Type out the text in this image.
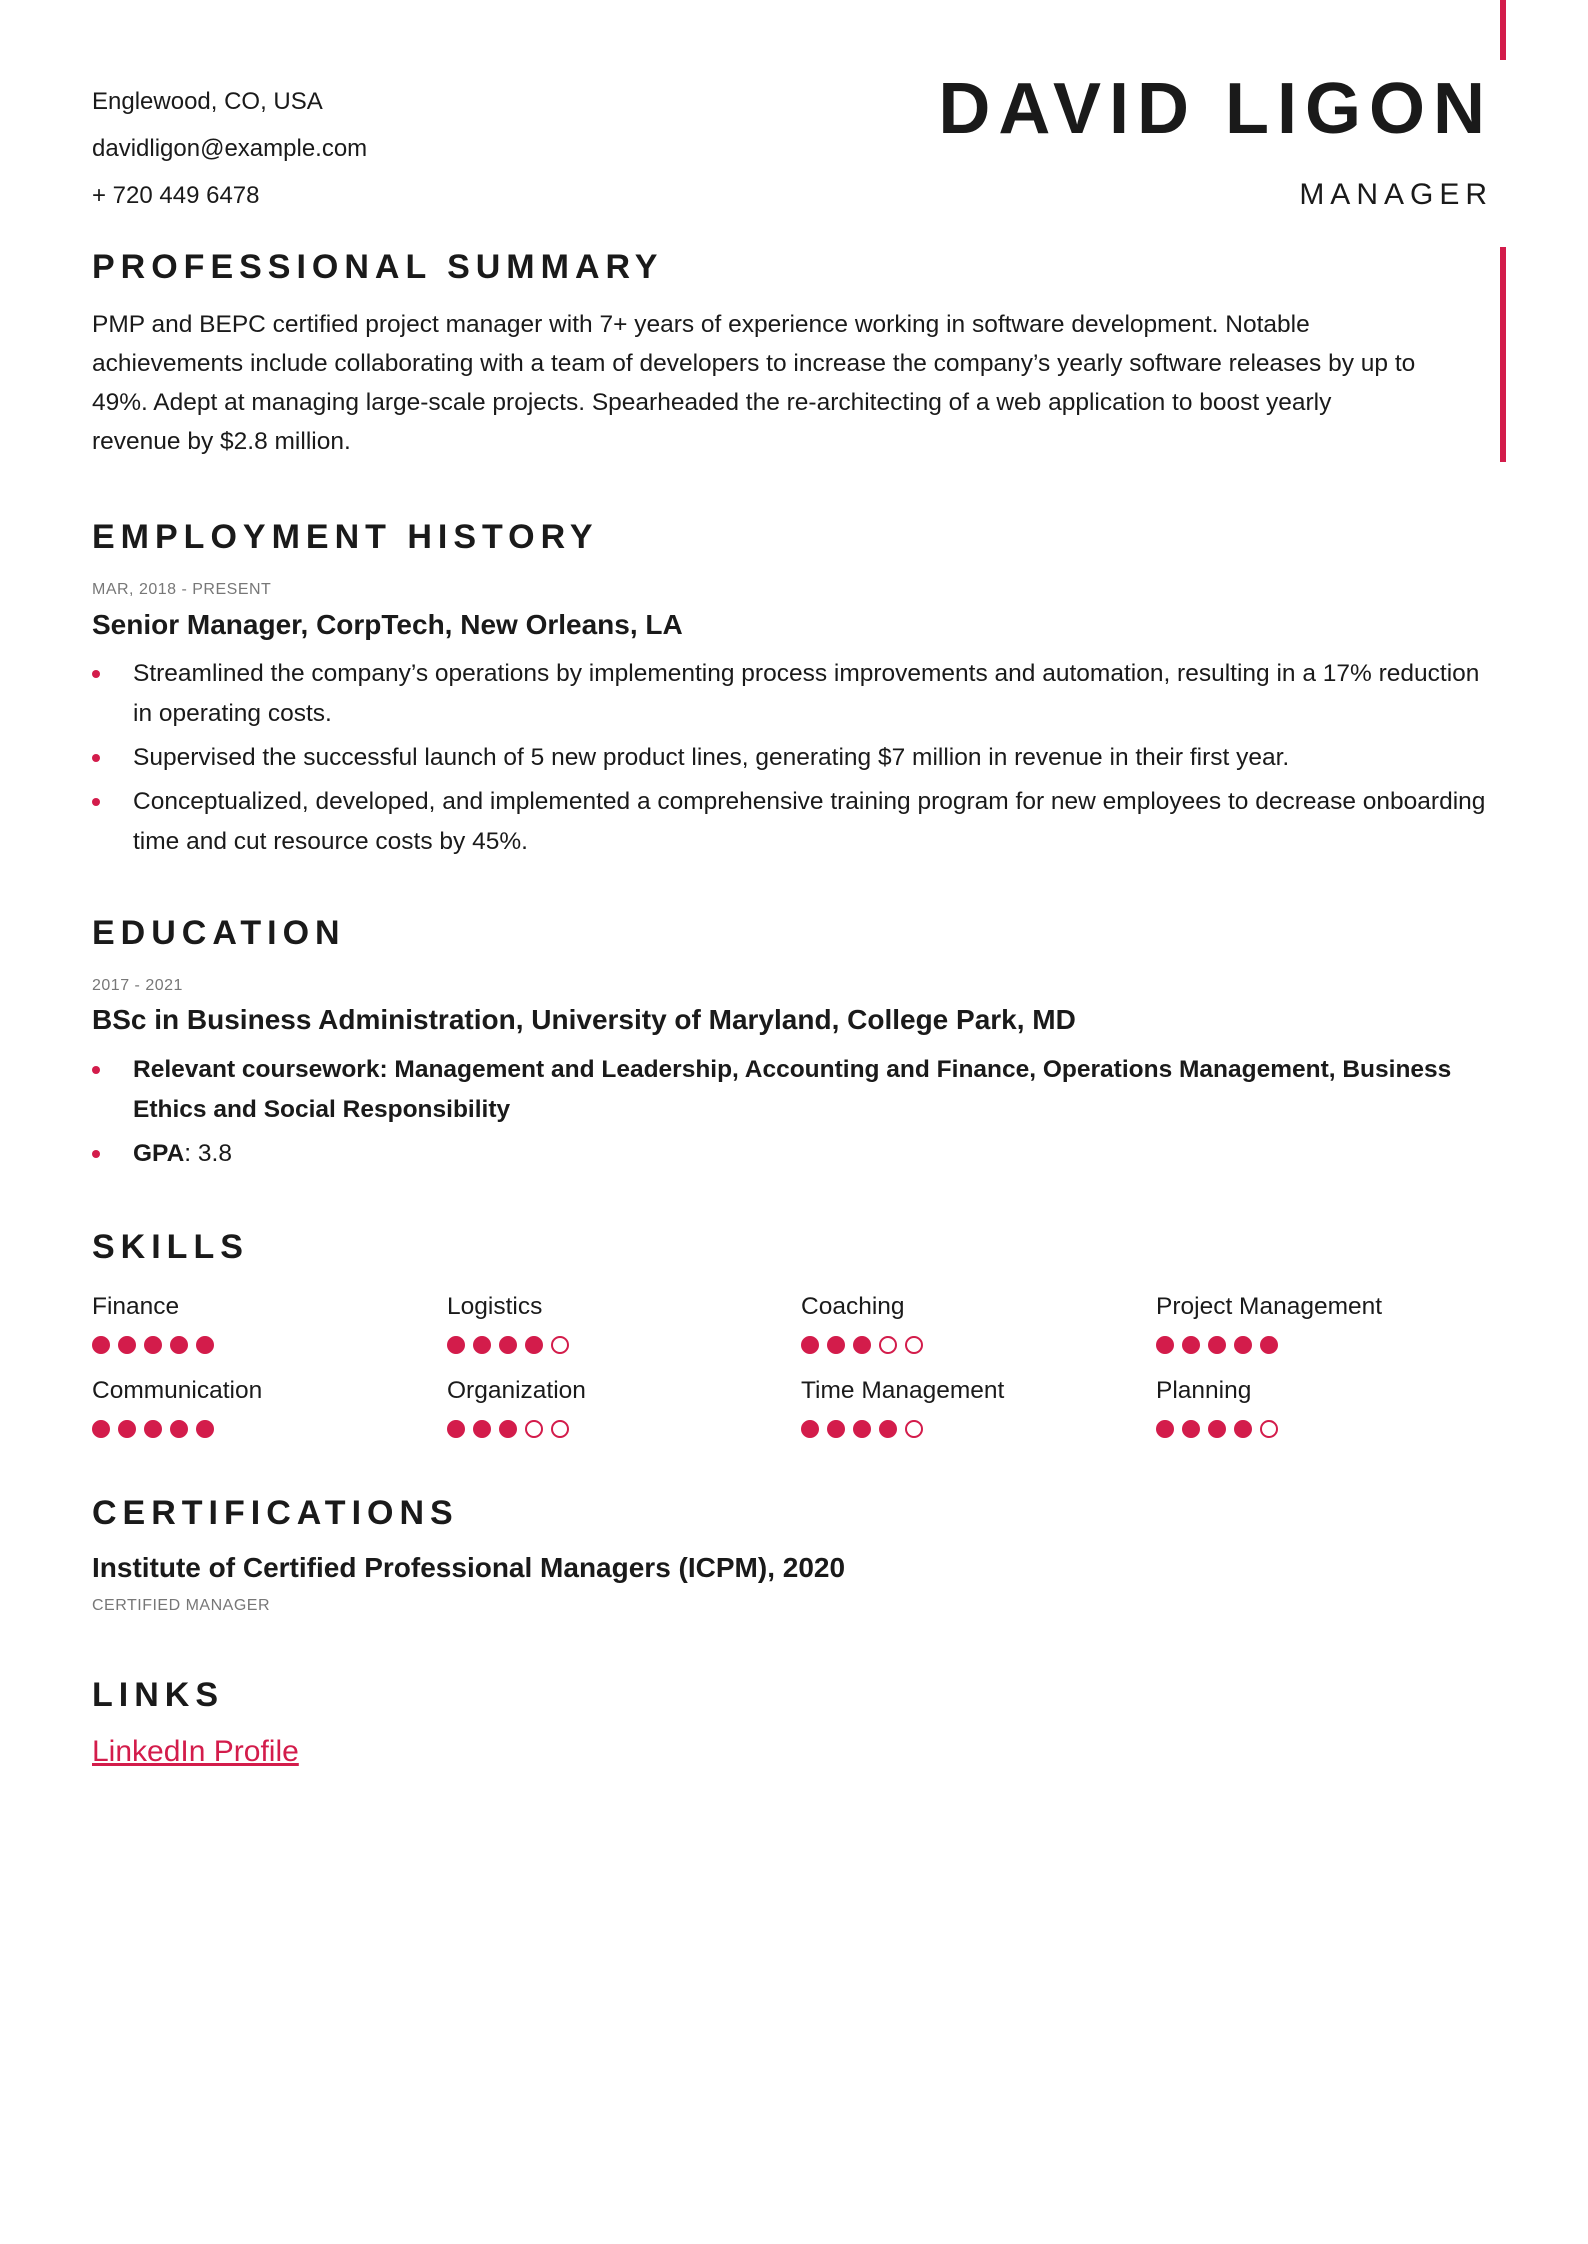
Englewood, CO, USA
davidligon@example.com
+ 720 449 6478
DAVID LIGON
MANAGER
PROFESSIONAL SUMMARY
PMP and BEPC certified project manager with 7+ years of experience working in software development. Notable achievements include collaborating with a team of developers to increase the company’s yearly software releases by up to 49%. Adept at managing large-scale projects. Spearheaded the re-architecting of a web application to boost yearly revenue by $2.8 million.
EMPLOYMENT HISTORY
MAR, 2018 - PRESENT
Senior Manager, CorpTech, New Orleans, LA
Streamlined the company’s operations by implementing process improvements and automation, resulting in a 17% reduction in operating costs.
Supervised the successful launch of 5 new product lines, generating $7 million in revenue in their first year.
Conceptualized, developed, and implemented a comprehensive training program for new employees to decrease onboarding time and cut resource costs by 45%.
EDUCATION
2017 - 2021
BSc in Business Administration, University of Maryland, College Park, MD
Relevant coursework: Management and Leadership, Accounting and Finance, Operations Management, Business Ethics and Social Responsibility
GPA: 3.8
SKILLS
Finance	Logistics	Coaching	Project Management
Communication	Organization	Time Management	Planning
CERTIFICATIONS
Institute of Certified Professional Managers (ICPM), 2020
CERTIFIED MANAGER
LINKS
LinkedIn Profile
